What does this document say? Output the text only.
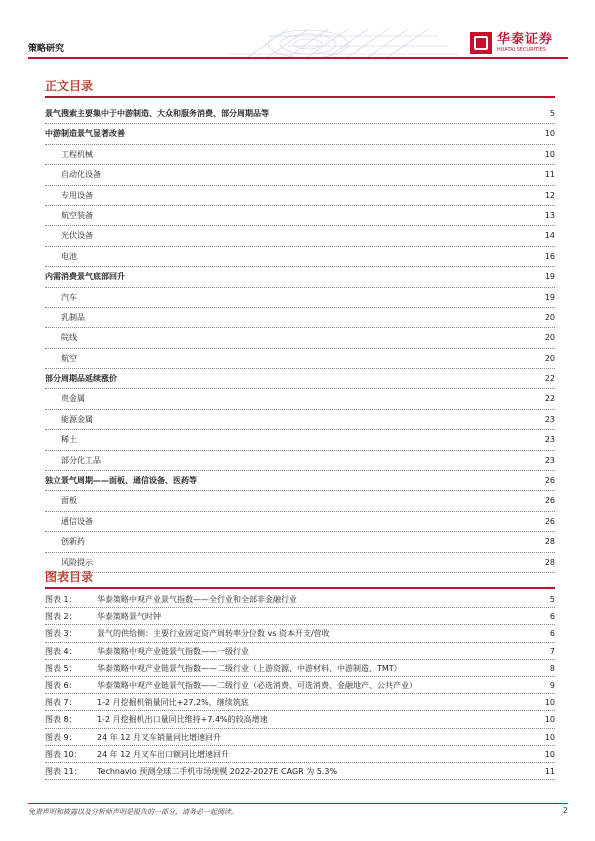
策略研究
华泰证券
HUATAI SECURITIES
正文目录
景气搜索主要集中于中游制造、大众和服务消费、部分周期品等	5
中游制造景气显著改善	10
工程机械	10
自动化设备	11
专用设备	12
航空装备	13
光伏设备	14
电池	16
内需消费景气底部回升	19
汽车	19
乳制品	20
院线	20
航空	20
部分周期品延续涨价	22
贵金属	22
能源金属	23
稀土	23
部分化工品	23
独立景气周期——面板、通信设备、医药等	26
面板	26
通信设备	26
创新药	28
风险提示	28
图表目录
图表 1：	华泰策略中观产业景气指数——全行业和全部非金融行业	5
图表 2：	华泰策略景气时钟	6
图表 3：	景气的供给侧：主要行业固定资产周转率分位数 vs 资本开支/营收	6
图表 4：	华泰策略中观产业链景气指数——一级行业	7
图表 5：	华泰策略中观产业链景气指数——二级行业（上游资源、中游材料、中游制造、TMT）	8
图表 6：	华泰策略中观产业链景气指数——二级行业（必选消费、可选消费、金融地产、公共产业）	9
图表 7：	1-2 月挖掘机销量同比+27.2%，继续筑底	10
图表 8：	1-2 月挖掘机出口量同比维持+7.4%的较高增速	10
图表 9：	24 年 12 月叉车销量同比增速回升	10
图表 10： 24 年 12 月叉车出口额同比增速回升	10
图表 11： Technavio 预测全球二手机市场规模 2022-2027E CAGR 为 5.3%	11
免责声明和披露以及分析师声明是报告的一部分，请务必一起阅读。	2
